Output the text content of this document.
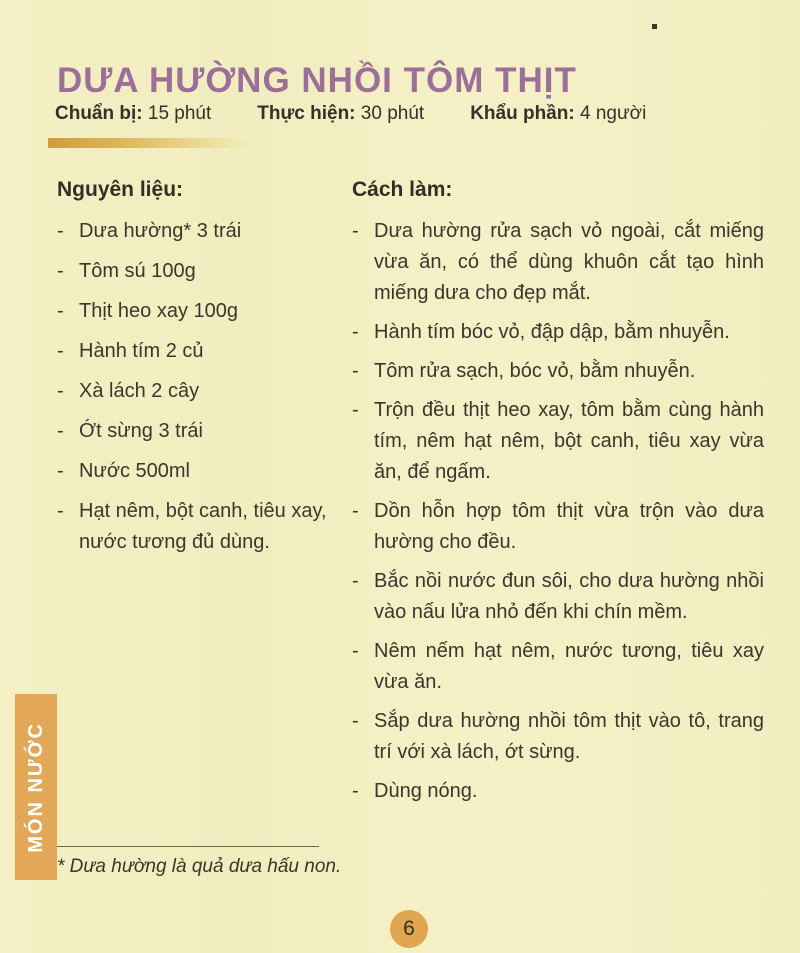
DƯA HƯỜNG NHỒI TÔM THỊT
Chuẩn bị: 15 phút Thực hiện: 30 phút Khẩu phần: 4 người
Nguyên liệu:
- Dưa hường* 3 trái
- Tôm sú 100g
- Thịt heo xay 100g
- Hành tím 2 củ
- Xà lách 2 cây
- Ớt sừng 3 trái
- Nước 500ml
- Hạt nêm, bột canh, tiêu xay, nước tương đủ dùng.
Cách làm:
- Dưa hường rửa sạch vỏ ngoài, cắt miếng vừa ăn, có thể dùng khuôn cắt tạo hình miếng dưa cho đẹp mắt.
- Hành tím bóc vỏ, đập dập, bằm nhuyễn.
- Tôm rửa sạch, bóc vỏ, bằm nhuyễn.
- Trộn đều thịt heo xay, tôm bằm cùng hành tím, nêm hạt nêm, bột canh, tiêu xay vừa ăn, để ngấm.
- Dồn hỗn hợp tôm thịt vừa trộn vào dưa hường cho đều.
- Bắc nồi nước đun sôi, cho dưa hường nhồi vào nấu lửa nhỏ đến khi chín mềm.
- Nêm nếm hạt nêm, nước tương, tiêu xay vừa ăn.
- Sắp dưa hường nhồi tôm thịt vào tô, trang trí với xà lách, ớt sừng.
- Dùng nóng.
MÓN NƯỚC
* Dưa hường là quả dưa hấu non.
6
